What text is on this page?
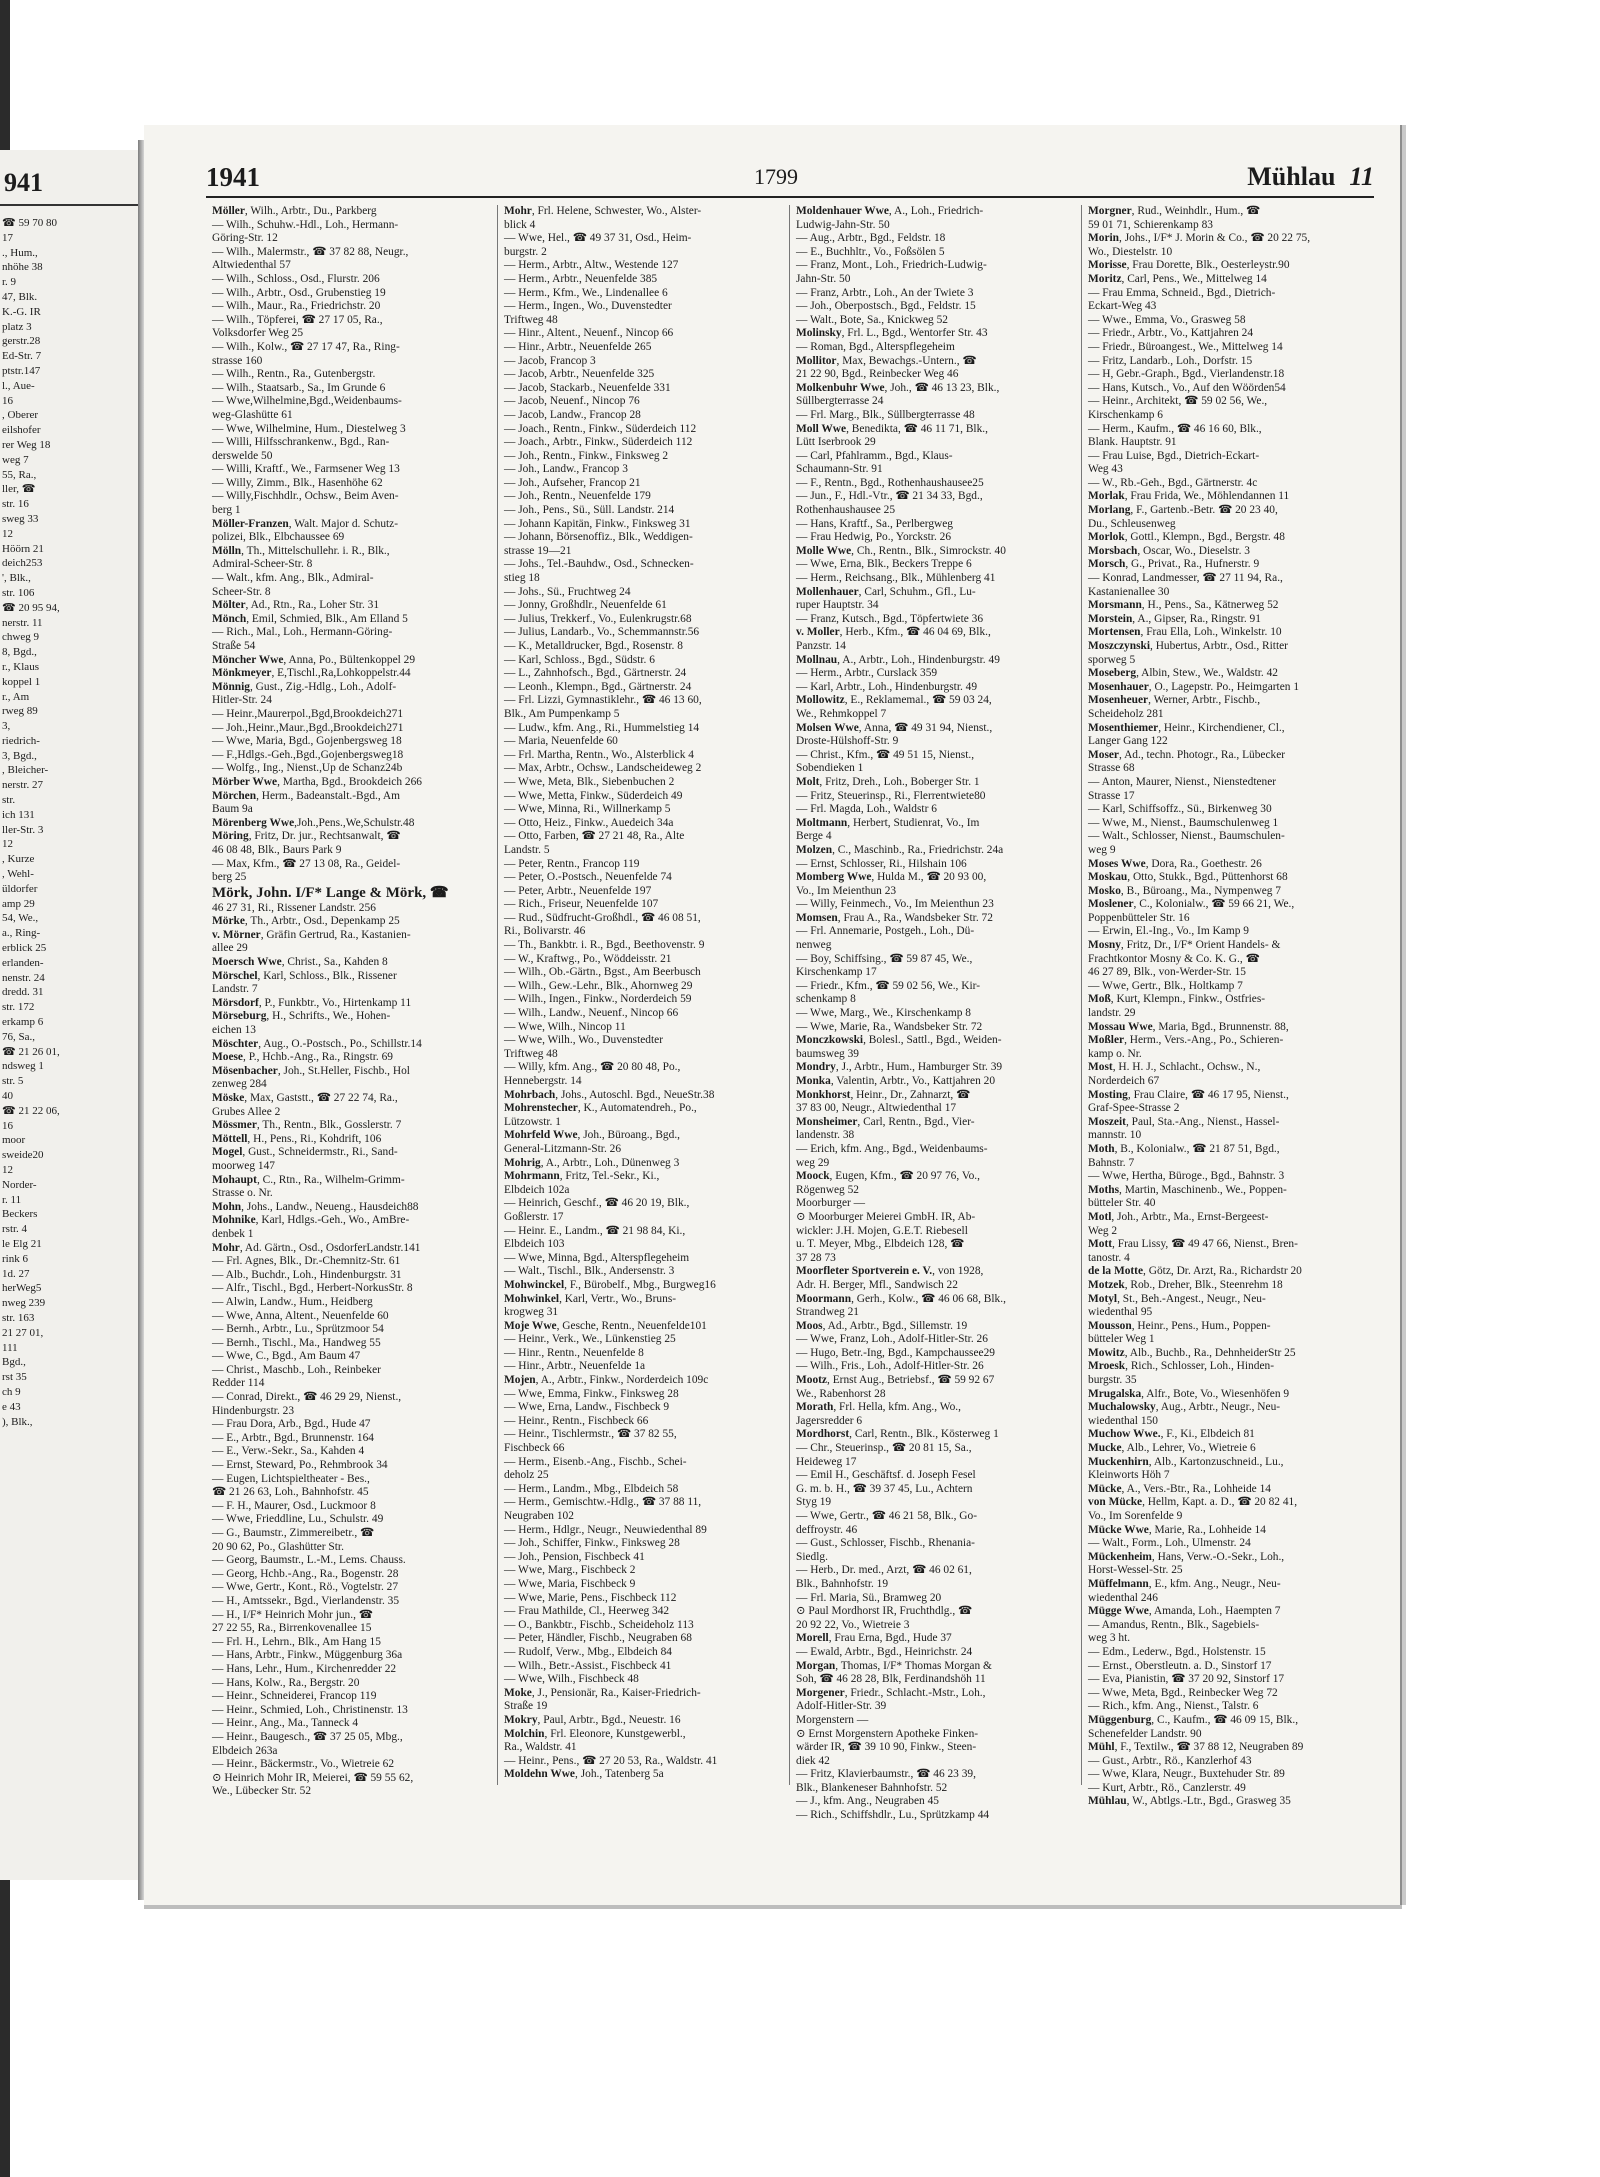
941
☎ 59 70 80
17
., Hum.,
nhöhe 38
r. 9
47, Blk.
K.-G. IR
platz 3
gerstr.28
Ed-Str. 7
ptstr.147
l., Aue-
16
, Oberer
eilshofer
rer Weg 18
weg 7
55, Ra.,
ller, ☎
str. 16
sweg 33
12
Höörn 21
deich253
', Blk.,
str. 106
☎ 20 95 94,
nerstr. 11
chweg 9
8, Bgd.,
r., Klaus
koppel 1
r., Am
rweg 89
3,
riedrich-
3, Bgd.,
, Bleicher-
nerstr. 27
str.
ich 131
ller-Str. 3
12
, Kurze
, Wehl-
üldorfer
amp 29
54, We.,
a., Ring-
erblick 25
erlanden-
nenstr. 24
dredd. 31
str. 172
erkamp 6
76, Sa.,
☎ 21 26 01,
ndsweg 1
str. 5
40
☎ 21 22 06,
16
moor
sweide20
12
Norder-
r. 11
Beckers
rstr. 4
le Elg 21
rink 6
1d. 27
herWeg5
nweg 239
str. 163
21 27 01,
111
Bgd.,
rst 35
ch 9
e 43
), Blk.,
1941	1799	Mühlau 11

Möller, Wilh., Arbtr., Du., Parkberg

— Wilh., Schuhw.-Hdl., Loh., Hermann-

Göring-Str. 12

— Wilh., Malermstr., ☎ 37 82 88, Neugr.,

Altwiedenthal 57

— Wilh., Schloss., Osd., Flurstr. 206

— Wilh., Arbtr., Osd., Grubenstieg 19

— Wilh., Maur., Ra., Friedrichstr. 20

— Wilh., Töpferei, ☎ 27 17 05, Ra.,

Volksdorfer Weg 25

— Wilh., Kolw., ☎ 27 17 47, Ra., Ring-

strasse 160

— Wilh., Rentn., Ra., Gutenbergstr.

— Wilh., Staatsarb., Sa., Im Grunde 6

— Wwe,Wilhelmine,Bgd.,Weidenbaums-

weg-Glashütte 61

— Wwe, Wilhelmine, Hum., Diestelweg 3

— Willi, Hilfsschrankenw., Bgd., Ran-

derswelde 50

— Willi, Kraftf., We., Farmsener Weg 13

— Willy, Zimm., Blk., Hasenhöhe 62

— Willy,Fischhdlr., Ochsw., Beim Aven-

berg 1

Möller-Franzen, Walt. Major d. Schutz-

polizei, Blk., Elbchaussee 69

Mölln, Th., Mittelschullehr. i. R., Blk.,

Admiral-Scheer-Str. 8

— Walt., kfm. Ang., Blk., Admiral-

Scheer-Str. 8

Mölter, Ad., Rtn., Ra., Loher Str. 31

Mönch, Emil, Schmied, Blk., Am Elland 5

— Rich., Mal., Loh., Hermann-Göring-

Straße 54

Möncher Wwe, Anna, Po., Bültenkoppel 29

Mönkmeyer, E,Tischl.,Ra,Lohkoppelstr.44

Mönnig, Gust., Zig.-Hdlg., Loh., Adolf-

Hitler-Str. 24

— Heinr.,Maurerpol.,Bgd,Brookdeich271

— Joh.,Heinr.,Maur.,Bgd.,Brookdeich271

— Wwe, Maria, Bgd., Gojenbergsweg 18

— F.,Hdlgs.-Geh.,Bgd.,Gojenbergsweg18

— Wolfg., Ing., Nienst.,Up de Schanz24b

Mörber Wwe, Martha, Bgd., Brookdeich 266

Mörchen, Herm., Badeanstalt.-Bgd., Am

Baum 9a

Mörenberg Wwe,Joh.,Pens.,We,Schulstr.48

Möring, Fritz, Dr. jur., Rechtsanwalt, ☎

46 08 48, Blk., Baurs Park 9

— Max, Kfm., ☎ 27 13 08, Ra., Geidel-

berg 25

Mörk, John. I/F* Lange & Mörk, ☎

46 27 31, Ri., Rissener Landstr. 256

Mörke, Th., Arbtr., Osd., Depenkamp 25

v. Mörner, Gräfin Gertrud, Ra., Kastanien-

allee 29

Moersch Wwe, Christ., Sa., Kahden 8

Mörschel, Karl, Schloss., Blk., Rissener

Landstr. 7

Mörsdorf, P., Funkbtr., Vo., Hirtenkamp 11

Mörseburg, H., Schrifts., We., Hohen-

eichen 13

Möschter, Aug., O.-Postsch., Po., Schillstr.14

Moese, P., Hchb.-Ang., Ra., Ringstr. 69

Mösenbacher, Joh., St.Heller, Fischb., Hol

zenweg 284

Möske, Max, Gaststt., ☎ 27 22 74, Ra.,

Grubes Allee 2

Mössmer, Th., Rentn., Blk., Gosslerstr. 7

Möttell, H., Pens., Ri., Kohdrift, 106

Mogel, Gust., Schneidermstr., Ri., Sand-

moorweg 147

Mohaupt, C., Rtn., Ra., Wilhelm-Grimm-

Strasse o. Nr.

Mohn, Johs., Landw., Neueng., Hausdeich88

Mohnike, Karl, Hdlgs.-Geh., Wo., AmBre-

denbek 1

Mohr, Ad. Gärtn., Osd., OsdorferLandstr.141

— Frl. Agnes, Blk., Dr.-Chemnitz-Str. 61

— Alb., Buchdr., Loh., Hindenburgstr. 31

— Alfr., Tischl., Bgd., Herbert-NorkusStr. 8

— Alwin, Landw., Hum., Heidberg

— Wwe, Anna, Altent., Neuenfelde 60

— Bernh., Arbtr., Lu., Sprützmoor 54

— Bernh., Tischl., Ma., Handweg 55

— Wwe, C., Bgd., Am Baum 47

— Christ., Maschb., Loh., Reinbeker

Redder 114

— Conrad, Direkt., ☎ 46 29 29, Nienst.,

Hindenburgstr. 23

— Frau Dora, Arb., Bgd., Hude 47

— E., Arbtr., Bgd., Brunnenstr. 164

— E., Verw.-Sekr., Sa., Kahden 4

— Ernst, Steward, Po., Rehmbrook 34

— Eugen, Lichtspieltheater - Bes.,

☎ 21 26 63, Loh., Bahnhofstr. 45

— F. H., Maurer, Osd., Luckmoor 8

— Wwe, Frieddline, Lu., Schulstr. 49

— G., Baumstr., Zimmereibetr., ☎

20 90 62, Po., Glashütter Str.

— Georg, Baumstr., L.-M., Lems. Chauss.

— Georg, Hchb.-Ang., Ra., Bogenstr. 28

— Wwe, Gertr., Kont., Rö., Vogtelstr. 27

— H., Amtssekr., Bgd., Vierlandenstr. 35

— H., I/F* Heinrich Mohr jun., ☎

27 22 55, Ra., Birrenkovenallee 15

— Frl. H., Lehrn., Blk., Am Hang 15

— Hans, Arbtr., Finkw., Müggenburg 36a

— Hans, Lehr., Hum., Kirchenredder 22

— Hans, Kolw., Ra., Bergstr. 20

— Heinr., Schneiderei, Francop 119

— Heinr., Schmied, Loh., Christinenstr. 13

— Heinr., Ang., Ma., Tanneck 4

— Heinr., Baugesch., ☎ 37 25 05, Mbg.,

Elbdeich 263a

— Heinr., Bäckermstr., Vo., Wietreie 62

⊙ Heinrich Mohr IR, Meierei, ☎ 59 55 62,

We., Lübecker Str. 52

Mohr, Frl. Helene, Schwester, Wo., Alster-

blick 4

— Wwe, Hel., ☎ 49 37 31, Osd., Heim-

burgstr. 2

— Herm., Arbtr., Altw., Westende 127

— Herm., Arbtr., Neuenfelde 385

— Herm., Kfm., We., Lindenallee 6

— Herm., Ingen., Wo., Duvenstedter

Triftweg 48

— Hinr., Altent., Neuenf., Nincop 66

— Hinr., Arbtr., Neuenfelde 265

— Jacob, Francop 3

— Jacob, Arbtr., Neuenfelde 325

— Jacob, Stackarb., Neuenfelde 331

— Jacob, Neuenf., Nincop 76

— Jacob, Landw., Francop 28

— Joach., Rentn., Finkw., Süderdeich 112

— Joach., Arbtr., Finkw., Süderdeich 112

— Joh., Rentn., Finkw., Finksweg 2

— Joh., Landw., Francop 3

— Joh., Aufseher, Francop 21

— Joh., Rentn., Neuenfelde 179

— Joh., Pens., Sü., Süll. Landstr. 214

— Johann Kapitän, Finkw., Finksweg 31

— Johann, Börsenoffiz., Blk., Weddigen-

strasse 19—21

— Johs., Tel.-Bauhdw., Osd., Schnecken-

stieg 18

— Johs., Sü., Fruchtweg 24

— Jonny, Großhdlr., Neuenfelde 61

— Julius, Trekkerf., Vo., Eulenkrugstr.68

— Julius, Landarb., Vo., Schemmannstr.56

— K., Metalldrucker, Bgd., Rosenstr. 8

— Karl, Schloss., Bgd., Südstr. 6

— L., Zahnhofsch., Bgd., Gärtnerstr. 24

— Leonh., Klempn., Bgd., Gärtnerstr. 24

— Frl. Lizzi, Gymnastiklehr., ☎ 46 13 60,

Blk., Am Pumpenkamp 5

— Ludw., kfm. Ang., Ri., Hummelstieg 14

— Maria, Neuenfelde 60

— Frl. Martha, Rentn., Wo., Alsterblick 4

— Max, Arbtr., Ochsw., Landscheideweg 2

— Wwe, Meta, Blk., Siebenbuchen 2

— Wwe, Metta, Finkw., Süderdeich 49

— Wwe, Minna, Ri., Willnerkamp 5

— Otto, Heiz., Finkw., Auedeich 34a

— Otto, Farben, ☎ 27 21 48, Ra., Alte

Landstr. 5

— Peter, Rentn., Francop 119

— Peter, O.-Postsch., Neuenfelde 74

— Peter, Arbtr., Neuenfelde 197

— Rich., Friseur, Neuenfelde 107

— Rud., Südfrucht-Großhdl., ☎ 46 08 51,

Ri., Bolivarstr. 46

— Th., Bankbtr. i. R., Bgd., Beethovenstr. 9

— W., Kraftwg., Po., Wöddeisstr. 21

— Wilh., Ob.-Gärtn., Bgst., Am Beerbusch

— Wilh., Gew.-Lehr., Blk., Ahornweg 29

— Wilh., Ingen., Finkw., Norderdeich 59

— Wilh., Landw., Neuenf., Nincop 66

— Wwe, Wilh., Nincop 11

— Wwe, Wilh., Wo., Duvenstedter

Triftweg 48

— Willy, kfm. Ang., ☎ 20 80 48, Po.,

Hennebergstr. 14

Mohrbach, Johs., Autoschl. Bgd., NeueStr.38

Mohrenstecher, K., Automatendreh., Po.,

Lützowstr. 1

Mohrfeld Wwe, Joh., Büroang., Bgd.,

General-Litzmann-Str. 26

Mohrig, A., Arbtr., Loh., Dünenweg 3

Mohrmann, Fritz, Tel.-Sekr., Ki.,

Elbdeich 102a

— Heinrich, Geschf., ☎ 46 20 19, Blk.,

Goßlerstr. 17

— Heinr. E., Landm., ☎ 21 98 84, Ki.,

Elbdeich 103

— Wwe, Minna, Bgd., Alterspflegeheim

— Walt., Tischl., Blk., Andersenstr. 3

Mohwinckel, F., Bürobelf., Mbg., Burgweg16

Mohwinkel, Karl, Vertr., Wo., Bruns-

krogweg 31

Moje Wwe, Gesche, Rentn., Neuenfelde101

— Heinr., Verk., We., Lünkenstieg 25

— Hinr., Rentn., Neuenfelde 8

— Hinr., Arbtr., Neuenfelde 1a

Mojen, A., Arbtr., Finkw., Norderdeich 109c

— Wwe, Emma, Finkw., Finksweg 28

— Wwe, Erna, Landw., Fischbeck 9

— Heinr., Rentn., Fischbeck 66

— Heinr., Tischlermstr., ☎ 37 82 55,

Fischbeck 66

— Herm., Eisenb.-Ang., Fischb., Schei-

deholz 25

— Herm., Landm., Mbg., Elbdeich 58

— Herm., Gemischtw.-Hdlg., ☎ 37 88 11,

Neugraben 102

— Herm., Hdlgr., Neugr., Neuwiedenthal 89

— Joh., Schiffer, Finkw., Finksweg 28

— Joh., Pension, Fischbeck 41

— Wwe, Marg., Fischbeck 2

— Wwe, Maria, Fischbeck 9

— Wwe, Marie, Pens., Fischbeck 112

— Frau Mathilde, Cl., Heerweg 342

— O., Bankbtr., Fischb., Scheideholz 113

— Peter, Händler, Fischb., Neugraben 68

— Rudolf, Verw., Mbg., Elbdeich 84

— Wilh., Betr.-Assist., Fischbeck 41

— Wwe, Wilh., Fischbeck 48

Moke, J., Pensionär, Ra., Kaiser-Friedrich-

Straße 19

Mokry, Paul, Arbtr., Bgd., Neuestr. 16

Molchin, Frl. Eleonore, Kunstgewerbl.,

Ra., Waldstr. 41

— Heinr., Pens., ☎ 27 20 53, Ra., Waldstr. 41

Moldehn Wwe, Joh., Tatenberg 5a

Moldenhauer Wwe, A., Loh., Friedrich-

Ludwig-Jahn-Str. 50

— Aug., Arbtr., Bgd., Feldstr. 18

— E., Buchhltr., Vo., Foßsölen 5

— Franz, Mont., Loh., Friedrich-Ludwig-

Jahn-Str. 50

— Franz, Arbtr., Loh., An der Twiete 3

— Joh., Oberpostsch., Bgd., Feldstr. 15

— Walt., Bote, Sa., Knickweg 52

Molinsky, Frl. L., Bgd., Wentorfer Str. 43

— Roman, Bgd., Alterspflegeheim

Mollitor, Max, Bewachgs.-Untern., ☎

21 22 90, Bgd., Reinbecker Weg 46

Molkenbuhr Wwe, Joh., ☎ 46 13 23, Blk.,

Süllbergterrasse 24

— Frl. Marg., Blk., Süllbergterrasse 48

Moll Wwe, Benedikta, ☎ 46 11 71, Blk.,

Lütt Iserbrook 29

— Carl, Pfahlramm., Bgd., Klaus-

Schaumann-Str. 91

— F., Rentn., Bgd., Rothenhaushausee25

— Jun., F., Hdl.-Vtr., ☎ 21 34 33, Bgd.,

Rothenhaushausee 25

— Hans, Kraftf., Sa., Perlbergweg

— Frau Hedwig, Po., Yorckstr. 26

Molle Wwe, Ch., Rentn., Blk., Simrockstr. 40

— Wwe, Erna, Blk., Beckers Treppe 6

— Herm., Reichsang., Blk., Mühlenberg 41

Mollenhauer, Carl, Schuhm., Gfl., Lu-

ruper Hauptstr. 34

— Franz, Kutsch., Bgd., Töpfertwiete 36

v. Moller, Herb., Kfm., ☎ 46 04 69, Blk.,

Panzstr. 14

Mollnau, A., Arbtr., Loh., Hindenburgstr. 49

— Herm., Arbtr., Curslack 359

— Karl, Arbtr., Loh., Hindenburgstr. 49

Mollowitz, E., Reklamemal., ☎ 59 03 24,

We., Rehmkoppel 7

Molsen Wwe, Anna, ☎ 49 31 94, Nienst.,

Droste-Hülshoff-Str. 9

— Christ., Kfm., ☎ 49 51 15, Nienst.,

Sobendieken 1

Molt, Fritz, Dreh., Loh., Boberger Str. 1

— Fritz, Steuerinsp., Ri., Flerrentwiete80

— Frl. Magda, Loh., Waldstr 6

Moltmann, Herbert, Studienrat, Vo., Im

Berge 4

Molzen, C., Maschinb., Ra., Friedrichstr. 24a

— Ernst, Schlosser, Ri., Hilshain 106

Momberg Wwe, Hulda M., ☎ 20 93 00,

Vo., Im Meienthun 23

— Willy, Feinmech., Vo., Im Meienthun 23

Momsen, Frau A., Ra., Wandsbeker Str. 72

— Frl. Annemarie, Postgeh., Loh., Dü-

nenweg

— Boy, Schiffsing., ☎ 59 87 45, We.,

Kirschenkamp 17

— Friedr., Kfm., ☎ 59 02 56, We., Kir-

schenkamp 8

— Wwe, Marg., We., Kirschenkamp 8

— Wwe, Marie, Ra., Wandsbeker Str. 72

Monczkowski, Bolesl., Sattl., Bgd., Weiden-

baumsweg 39

Mondry, J., Arbtr., Hum., Hamburger Str. 39

Monka, Valentin, Arbtr., Vo., Kattjahren 20

Monkhorst, Heinr., Dr., Zahnarzt, ☎

37 83 00, Neugr., Altwiedenthal 17

Monsheimer, Carl, Rentn., Bgd., Vier-

landenstr. 38

— Erich, kfm. Ang., Bgd., Weidenbaums-

weg 29

Moock, Eugen, Kfm., ☎ 20 97 76, Vo.,

Rögenweg 52

Moorburger —

⊙ Moorburger Meierei GmbH. IR, Ab-

wickler: J.H. Mojen, G.E.T. Riebesell

u. T. Meyer, Mbg., Elbdeich 128, ☎

37 28 73

Moorfleter Sportverein e. V., von 1928,

Adr. H. Berger, Mfl., Sandwisch 22

Moormann, Gerh., Kolw., ☎ 46 06 68, Blk.,

Strandweg 21

Moos, Ad., Arbtr., Bgd., Sillemstr. 19

— Wwe, Franz, Loh., Adolf-Hitler-Str. 26

— Hugo, Betr.-Ing, Bgd., Kampchaussee29

— Wilh., Fris., Loh., Adolf-Hitler-Str. 26

Mootz, Ernst Aug., Betriebsf., ☎ 59 92 67

We., Rabenhorst 28

Morath, Frl. Hella, kfm. Ang., Wo.,

Jagersredder 6

Mordhorst, Carl, Rentn., Blk., Kösterweg 1

— Chr., Steuerinsp., ☎ 20 81 15, Sa.,

Heideweg 17

— Emil H., Geschäftsf. d. Joseph Fesel

G. m. b. H., ☎ 39 37 45, Lu., Achtern

Styg 19

— Wwe, Gertr., ☎ 46 21 58, Blk., Go-

deffroystr. 46

— Gust., Schlosser, Fischb., Rhenania-

Siedlg.

— Herb., Dr. med., Arzt, ☎ 46 02 61,

Blk., Bahnhofstr. 19

— Frl. Maria, Sü., Bramweg 20

⊙ Paul Mordhorst IR, Fruchthdlg., ☎

20 92 22, Vo., Wietreie 3

Morell, Frau Erna, Bgd., Hude 37

— Ewald, Arbtr., Bgd., Heinrichstr. 24

Morgan, Thomas, I/F* Thomas Morgan &

Soh, ☎ 46 28 28, Blk, Ferdinandshöh 11

Morgener, Friedr., Schlacht.-Mstr., Loh.,

Adolf-Hitler-Str. 39

Morgenstern —

⊙ Ernst Morgenstern Apotheke Finken-

wärder IR, ☎ 39 10 90, Finkw., Steen-

diek 42

— Fritz, Klavierbaumstr., ☎ 46 23 39,

Blk., Blankeneser Bahnhofstr. 52

— J., kfm. Ang., Neugraben 45

— Rich., Schiffshdlr., Lu., Sprützkamp 44

Morgner, Rud., Weinhdlr., Hum., ☎

59 01 71, Schierenkamp 83

Morin, Johs., I/F* J. Morin & Co., ☎ 20 22 75,

Wo., Diestelstr. 10

Morisse, Frau Dorette, Blk., Oesterleystr.90

Moritz, Carl, Pens., We., Mittelweg 14

— Frau Emma, Schneid., Bgd., Dietrich-

Eckart-Weg 43

— Wwe., Emma, Vo., Grasweg 58

— Friedr., Arbtr., Vo., Kattjahren 24

— Friedr., Büroangest., We., Mittelweg 14

— Fritz, Landarb., Loh., Dorfstr. 15

— H, Gebr.-Graph., Bgd., Vierlandenstr.18

— Hans, Kutsch., Vo., Auf den Wöörden54

— Heinr., Architekt, ☎ 59 02 56, We.,

Kirschenkamp 6

— Herm., Kaufm., ☎ 46 16 60, Blk.,

Blank. Hauptstr. 91

— Frau Luise, Bgd., Dietrich-Eckart-

Weg 43

— W., Rb.-Geh., Bgd., Gärtnerstr. 4c

Morlak, Frau Frida, We., Möhlendannen 11

Morlang, F., Gartenb.-Betr. ☎ 20 23 40,

Du., Schleusenweg

Morlok, Gottl., Klempn., Bgd., Bergstr. 48

Morsbach, Oscar, Wo., Dieselstr. 3

Morsch, G., Privat., Ra., Hufnerstr. 9

— Konrad, Landmesser, ☎ 27 11 94, Ra.,

Kastanienallee 30

Morsmann, H., Pens., Sa., Kätnerweg 52

Morstein, A., Gipser, Ra., Ringstr. 91

Mortensen, Frau Ella, Loh., Winkelstr. 10

Moszczynski, Hubertus, Arbtr., Osd., Ritter

sporweg 5

Moseberg, Albin, Stew., We., Waldstr. 42

Mosenhauer, O., Lagepstr. Po., Heimgarten 1

Mosenheuer, Werner, Arbtr., Fischb.,

Scheideholz 281

Mosenthiemer, Heinr., Kirchendiener, Cl.,

Langer Gang 122

Moser, Ad., techn. Photogr., Ra., Lübecker

Strasse 68

— Anton, Maurer, Nienst., Nienstedtener

Strasse 17

— Karl, Schiffsoffz., Sü., Birkenweg 30

— Wwe, M., Nienst., Baumschulenweg 1

— Walt., Schlosser, Nienst., Baumschulen-

weg 9

Moses Wwe, Dora, Ra., Goethestr. 26

Moskau, Otto, Stukk., Bgd., Püttenhorst 68

Mosko, B., Büroang., Ma., Nympenweg 7

Moslener, C., Kolonialw., ☎ 59 66 21, We.,

Poppenbütteler Str. 16

— Erwin, El.-Ing., Vo., Im Kamp 9

Mosny, Fritz, Dr., I/F* Orient Handels- &

Frachtkontor Mosny & Co. K. G., ☎

46 27 89, Blk., von-Werder-Str. 15

— Wwe, Gertr., Blk., Holtkamp 7

Moß, Kurt, Klempn., Finkw., Ostfries-

landstr. 29

Mossau Wwe, Maria, Bgd., Brunnenstr. 88,

Moßler, Herm., Vers.-Ang., Po., Schieren-

kamp o. Nr.

Most, H. H. J., Schlacht., Ochsw., N.,

Norderdeich 67

Mosting, Frau Claire, ☎ 46 17 95, Nienst.,

Graf-Spee-Strasse 2

Moszeit, Paul, Sta.-Ang., Nienst., Hassel-

mannstr. 10

Moth, B., Kolonialw., ☎ 21 87 51, Bgd.,

Bahnstr. 7

— Wwe, Hertha, Büroge., Bgd., Bahnstr. 3

Moths, Martin, Maschinenb., We., Poppen-

bütteler Str. 40

Motl, Joh., Arbtr., Ma., Ernst-Bergeest-

Weg 2

Mott, Frau Lissy, ☎ 49 47 66, Nienst., Bren-

tanostr. 4

de la Motte, Götz, Dr. Arzt, Ra., Richardstr 20

Motzek, Rob., Dreher, Blk., Steenrehm 18

Motyl, St., Beh.-Angest., Neugr., Neu-

wiedenthal 95

Mousson, Heinr., Pens., Hum., Poppen-

bütteler Weg 1

Mowitz, Alb., Buchb., Ra., DehnheiderStr 25

Mroesk, Rich., Schlosser, Loh., Hinden-

burgstr. 35

Mrugalska, Alfr., Bote, Vo., Wiesenhöfen 9

Muchalowsky, Aug., Arbtr., Neugr., Neu-

wiedenthal 150

Muchow Wwe., F., Ki., Elbdeich 81

Mucke, Alb., Lehrer, Vo., Wietreie 6

Muckenhirn, Alb., Kartonzuschneid., Lu.,

Kleinworts Höh 7

Mücke, A., Vers.-Btr., Ra., Lohheide 14

von Mücke, Hellm, Kapt. a. D., ☎ 20 82 41,

Vo., Im Sorenfelde 9

Mücke Wwe, Marie, Ra., Lohheide 14

— Walt., Form., Loh., Ulmenstr. 24

Mückenheim, Hans, Verw.-O.-Sekr., Loh.,

Horst-Wessel-Str. 25

Müffelmann, E., kfm. Ang., Neugr., Neu-

wiedenthal 246

Mügge Wwe, Amanda, Loh., Haempten 7

— Amandus, Rentn., Blk., Sagebiels-

weg 3 ht.

— Edm., Lederw., Bgd., Holstenstr. 15

— Ernst., Oberstleutn. a. D., Sinstorf 17

— Eva, Pianistin, ☎ 37 20 92, Sinstorf 17

— Wwe, Meta, Bgd., Reinbecker Weg 72

— Rich., kfm. Ang., Nienst., Talstr. 6

Müggenburg, C., Kaufm., ☎ 46 09 15, Blk.,

Schenefelder Landstr. 90

Mühl, F., Textilw., ☎ 37 88 12, Neugraben 89

— Gust., Arbtr., Rö., Kanzlerhof 43

— Wwe, Klara, Neugr., Buxtehuder Str. 89

— Kurt, Arbtr., Rö., Canzlerstr. 49

Mühlau, W., Abtlgs.-Ltr., Bgd., Grasweg 35
